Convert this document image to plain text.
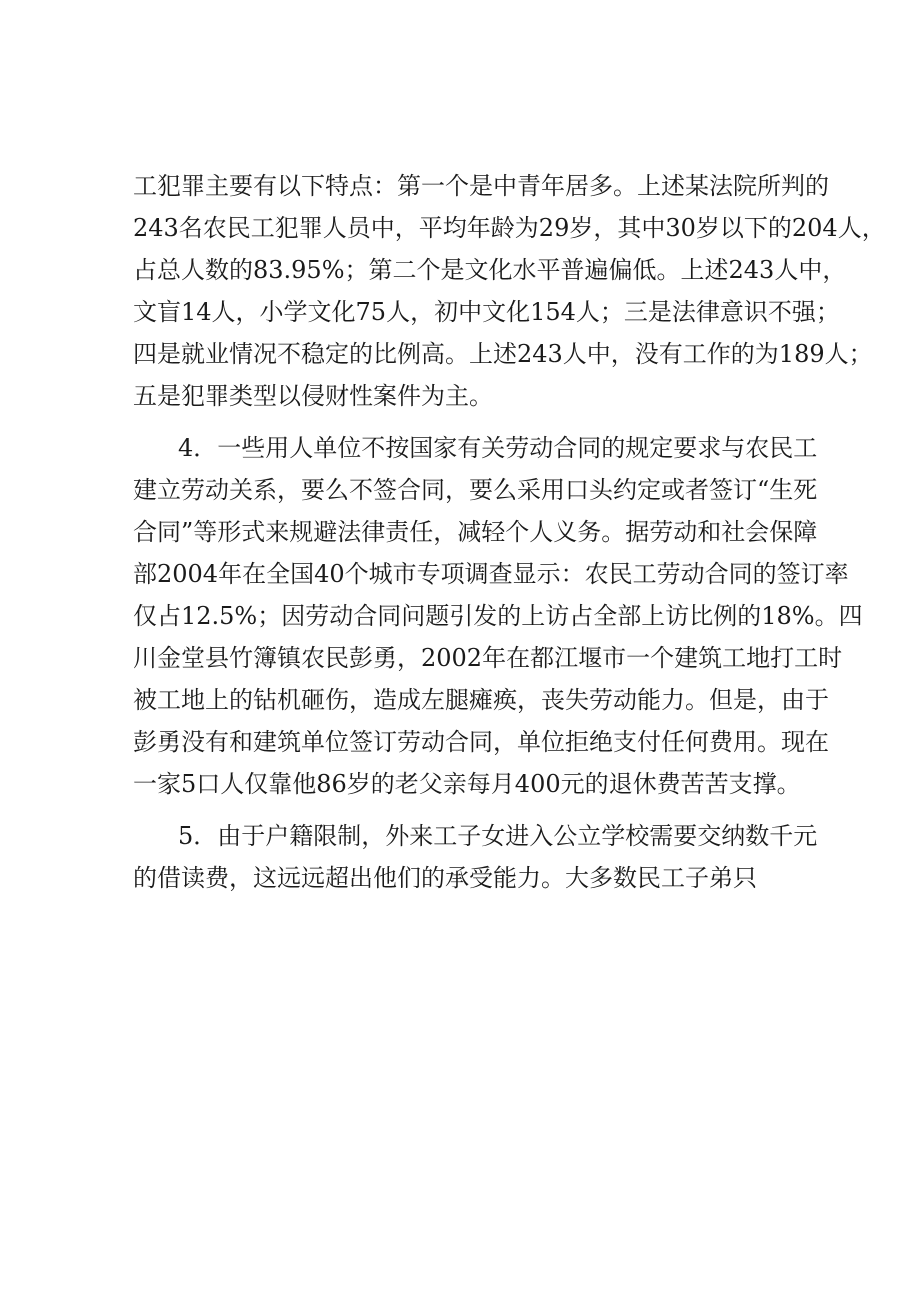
工犯罪主要有以下特点：第一个是中青年居多。上述某法院所判的
243名农民工犯罪人员中，平均年龄为29岁，其中30岁以下的204人，
占总人数的83.95%；第二个是文化水平普遍偏低。上述243人中，
文盲14人，小学文化75人，初中文化154人；三是法律意识不强；
四是就业情况不稳定的比例高。上述243人中，没有工作的为189人；
五是犯罪类型以侵财性案件为主。
4．一些用人单位不按国家有关劳动合同的规定要求与农民工
建立劳动关系，要么不签合同，要么采用口头约定或者签订“生死
合同”等形式来规避法律责任，减轻个人义务。据劳动和社会保障
部2004年在全国40个城市专项调查显示：农民工劳动合同的签订率
仅占12.5%；因劳动合同问题引发的上访占全部上访比例的18%。四
川金堂县竹簿镇农民彭勇，2002年在都江堰市一个建筑工地打工时
被工地上的钻机砸伤，造成左腿瘫痪，丧失劳动能力。但是，由于
彭勇没有和建筑单位签订劳动合同，单位拒绝支付任何费用。现在
一家5口人仅靠他86岁的老父亲每月400元的退休费苦苦支撑。
5．由于户籍限制，外来工子女进入公立学校需要交纳数千元
的借读费，这远远超出他们的承受能力。大多数民工子弟只
